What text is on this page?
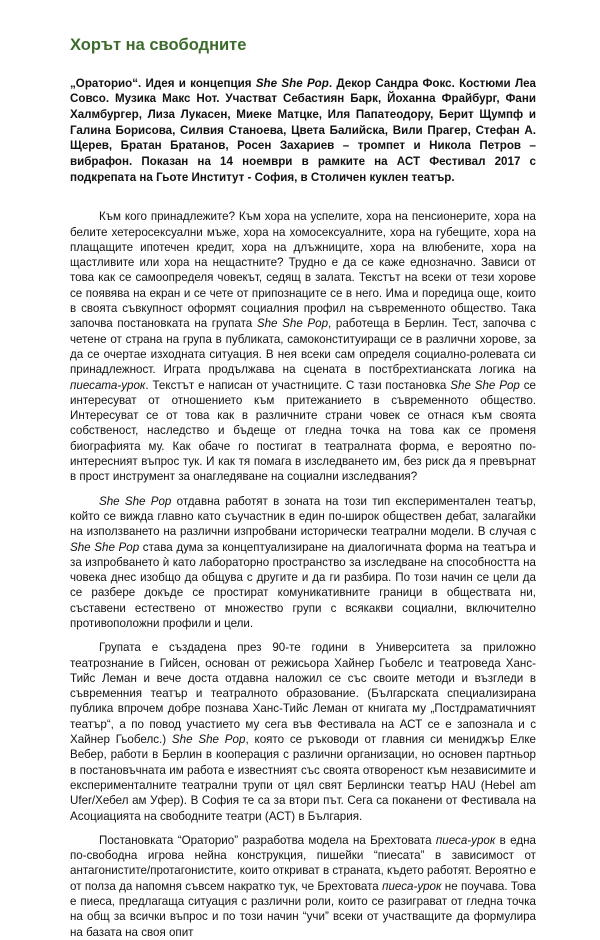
Хорът на свободните

„Ораторио“. Идея и концепция She She Pop. Декор Сандра Фокс. Костюми Леа Совсо. Музика Макс Нот. Участват Себастиян Барк, Йоханна Фрайбург, Фани Халмбургер, Лиза Лукасен, Миеке Матцке, Иля Папатеодору, Берит Щумпф и Галина Борисова, Силвия Станоева, Цвета Балийска, Вили Прагер, Стефан А. Щерев, Братан Братанов, Росен Захариев – тромпет и Никола Петров – вибрафон. Показан на 14 ноември в рамките на АСТ Фестивал 2017 с подкрепата на Гьоте Институт - София, в Столичен куклен театър.

Към кого принадлежите? Към хора на успелите, хора на пенсионерите, хора на белите хетеросексуални мъже, хора на хомосексуалните, хора на губещите, хора на плащащите ипотечен кредит, хора на длъжниците, хора на влюбените, хора на щастливите или хора на нещастните? Трудно е да се каже еднозначно. Зависи от това как се самоопределя човекът, седящ в залата. Текстът на всеки от тези хорове се появява на екран и се чете от припознаците се в него. Има и поредица още, които в своята съвкупност оформят социалния профил на съвременното общество. Така започва постановката на групата She She Pop, работеща в Берлин. Тест, започва с четене от страна на група в публиката, самоконституиращи се в различни хорове, за да се очертае изходната ситуация. В нея всеки сам определя социално-ролевата си принадлежност. Играта продължава на сцената в постбрехтианската логика на пиесата-урок. Текстът е написан от участниците. С тази постановка She She Pop се интересуват от отношението към притежанието в съвременното общество. Интересуват се от това как в различните страни човек се отнася към своята собственост, наследство и бъдеще от гледна точка на това как се променя биографията му. Как обаче го постигат в театралната форма, е вероятно по-интересният въпрос тук. И как тя помага в изследването им, без риск да я превърнат в прост инструмент за онагледяване на социални изследвания?

She She Pop отдавна работят в зоната на този тип експериментален театър, който се вижда главно като съучастник в един по-широк обществен дебат, залагайки на използването на различни изпробвани исторически театрални модели. В случая с She She Pop става дума за концептуализиране на диалогичната форма на театъра и за изпробването ѝ като лабораторно пространство за изследване на способността на човека днес изобщо да общува с другите и да ги разбира. По този начин се цели да се разбере докъде се простират комуникативните граници в обществата ни, съставени естествено от множество групи с всякакви социални, включително противоположни профили и цели.

Групата е създадена през 90-те години в Университета за приложно театрознание в Гийсен, основан от режисьора Хайнер Гьобелс и театроведа Ханс-Тийс Леман и вече доста отдавна наложил се със своите методи и възгледи в съвременния театър и театралното образование. (Българската специализирана публика впрочем добре познава Ханс-Тийс Леман от книгата му „Постдраматичният театър“, а по повод участието му сега във Фестивала на АСТ се е запознала и с Хайнер Гьобелс.) She She Pop, която се ръководи от главния си мениджър Елке Вебер, работи в Берлин в кооперация с различни организации, но основен партньор в постановъчната им работа е известният със своята отвореност към независимите и експерименталните театрални трупи от цял свят Берлински театър HAU (Hebel am Ufer/Хебел ам Уфер). В София те са за втори път. Сега са поканени от Фестивала на Асоциацията на свободните театри (АСТ) в България.

Постановката “Ораторио” разработва модела на Брехтовата пиеса-урок в една по-свободна игрова нейна конструкция, пишейки “пиесата” в зависимост от антагонистите/протагонистите, които откриват в страната, където работят. Вероятно е от полза да напомня съвсем накратко тук, че Брехтовата пиеса-урок не поучава. Това е пиеса, предлагаща ситуация с различни роли, които се разиграват от гледна точка на общ за всички въпрос и по този начин “учи” всеки от участващите да формулира на базата на своя опит
